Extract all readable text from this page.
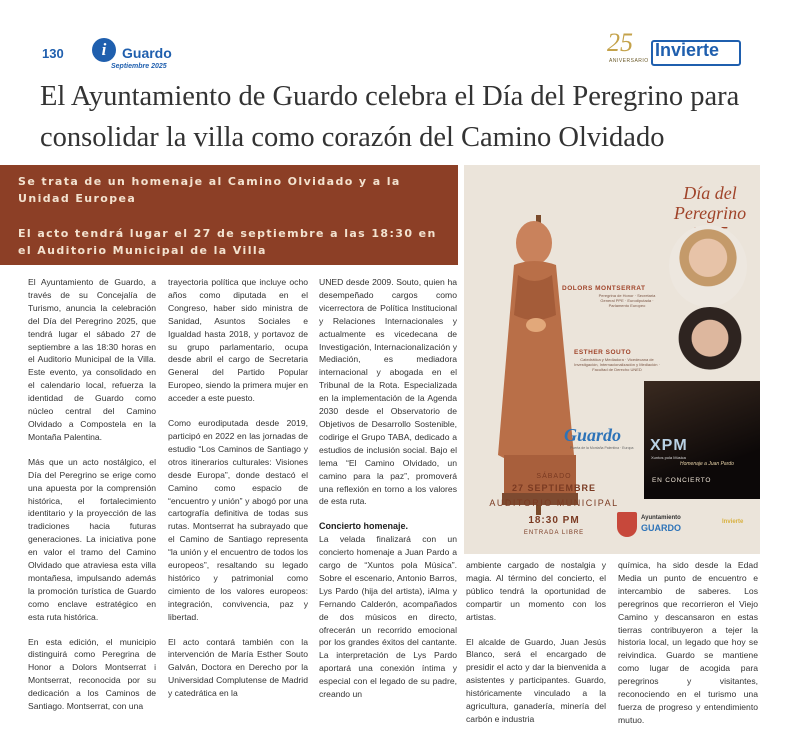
130	i	Guardo
Septiembre 2025
25
ANIVERSARIO
Invierte
El Ayuntamiento de Guardo celebra el Día del Peregrino para consolidar la villa como corazón del Camino Olvidado

Se trata de un homenaje al Camino Olvidado y a la Unidad Europea

El acto tendrá lugar el 27 de septiembre a las 18:30 en el Auditorio Municipal de la Villa

El Ayuntamiento de Guardo, a través de su Concejalía de Turismo, anuncia la celebración del Día del Peregrino 2025, que tendrá lugar el sábado 27 de septiembre a las 18:30 horas en el Auditorio Municipal de la Villa. Este evento, ya consolidado en el calendario local, refuerza la identidad de Guardo como núcleo central del Camino Olvidado a Compostela en la Montaña Palentina.

Más que un acto nostálgico, el Día del Peregrino se erige como una apuesta por la comprensión histórica, el fortalecimiento identitario y la proyección de las tradiciones hacia futuras generaciones. La iniciativa pone en valor el tramo del Camino Olvidado que atraviesa esta villa montañesa, impulsando además la promoción turística de Guardo como enclave estratégico en esta ruta histórica.

En esta edición, el municipio distinguirá como Peregrina de Honor a Dolors Montserrat i Montserrat, reconocida por su dedicación a los Caminos de Santiago. Montserrat, con una

trayectoria política que incluye ocho años como diputada en el Congreso, haber sido ministra de Sanidad, Asuntos Sociales e Igualdad hasta 2018, y portavoz de su grupo parlamentario, ocupa desde abril el cargo de Secretaria General del Partido Popular Europeo, siendo la primera mujer en acceder a este puesto.

Como eurodiputada desde 2019, participó en 2022 en las jornadas de estudio “Los Caminos de Santiago y otros itinerarios culturales: Visiones desde Europa”, donde destacó el Camino como espacio de “encuentro y unión” y abogó por una cartografía definitiva de todas sus rutas. Montserrat ha subrayado que el Camino de Santiago representa “la unión y el encuentro de todos los europeos”, resaltando su legado histórico y patrimonial como cimiento de los valores europeos: integración, convivencia, paz y libertad.

El acto contará también con la intervención de María Esther Souto Galván, Doctora en Derecho por la Universidad Complutense de Madrid y catedrática en la

UNED desde 2009. Souto, quien ha desempeñado cargos como vicerrectora de Política Institucional y Relaciones Internacionales y actualmente es vicedecana de Investigación, Internacionalización y Mediación, es mediadora internacional y abogada en el Tribunal de la Rota. Especializada en la implementación de la Agenda 2030 desde el Observatorio de Objetivos de Desarrollo Sostenible, codirige el Grupo TABA, dedicado a estudios de inclusión social. Bajo el lema “El Camino Olvidado, un camino para la paz”, promoverá una reflexión en torno a los valores de esta ruta.

Concierto homenaje.

La velada finalizará con un concierto homenaje a Juan Pardo a cargo de “Xuntos pola Música”. Sobre el escenario, Antonio Barros, Lys Pardo (hija del artista), iAlma y Fernando Calderón, acompañados de dos músicos en directo, ofrecerán un recorrido emocional por los grandes éxitos del cantante. La interpretación de Lys Pardo aportará una conexión íntima y especial con el legado de su padre, creando un

ambiente cargado de nostalgia y magia. Al término del concierto, el público tendrá la oportunidad de compartir un momento con los artistas.

El alcalde de Guardo, Juan Jesús Blanco, será el encargado de presidir el acto y dar la bienvenida a asistentes y participantes. Guardo, históricamente vinculado a la agricultura, ganadería, minería del carbón e industria

química, ha sido desde la Edad Media un punto de encuentro e intercambio de saberes. Los peregrinos que recorrieron el Viejo Camino y descansaron en estas tierras contribuyeron a tejer la historia local, un legado que hoy se reivindica. Guardo se mantiene como lugar de acogida para peregrinos y visitantes, reconociendo en el turismo una fuerza de progreso y entendimiento mutuo.

Día del
Peregrino
DOLORS MONTSERRAT
Peregrina de Honor · Secretaria General PPE · Eurodiputada · Parlamento Europeo
ESTHER SOUTO
Catedrática y Mediadora · Vicedecana de Investigación, Internacionalización y Mediación · Facultad de Derecho UNED
XPM
Xuntos pola Música
Homenaje a Juan Pardo
EN CONCIERTO
Guardo
Puerta de la Montaña Palentina · Europa
SÁBADO
27 SEPTIEMBRE
AUDITORIO MUNICIPAL
18:30 PM
ENTRADA LIBRE
Ayuntamiento
GUARDO
Invierte
